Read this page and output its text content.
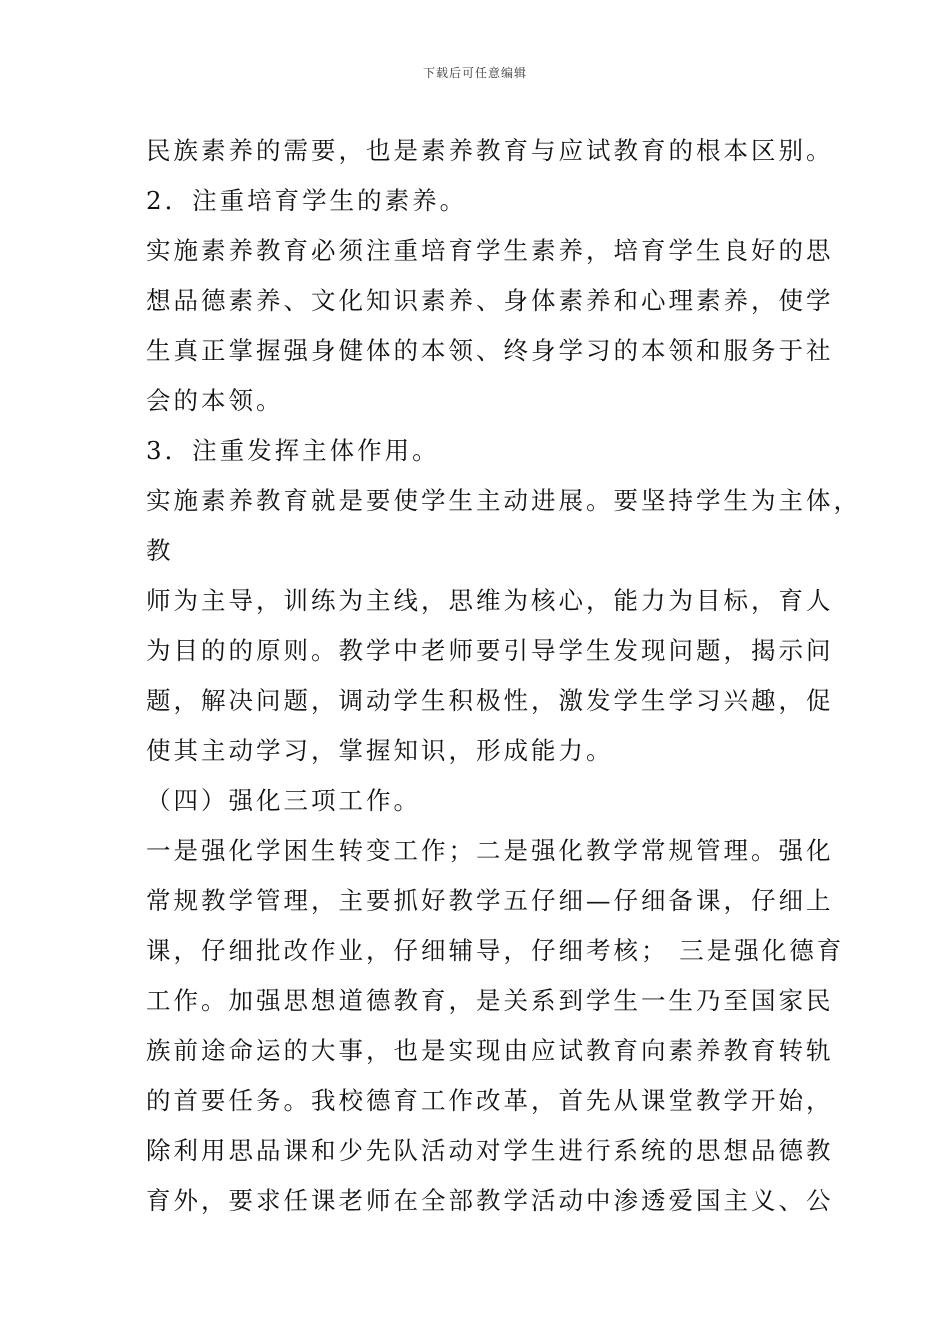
下载后可任意编辑
民族素养的需要，也是素养教育与应试教育的根本区别。
2．注重培育学生的素养。
实施素养教育必须注重培育学生素养，培育学生良好的思
想品德素养、文化知识素养、身体素养和心理素养，使学
生真正掌握强身健体的本领、终身学习的本领和服务于社
会的本领。
3．注重发挥主体作用。
实施素养教育就是要使学生主动进展。要坚持学生为主体，
教
师为主导，训练为主线，思维为核心，能力为目标，育人
为目的的原则。教学中老师要引导学生发现问题，揭示问
题，解决问题，调动学生积极性，激发学生学习兴趣，促
使其主动学习，掌握知识，形成能力。
（四）强化三项工作。
一是强化学困生转变工作；二是强化教学常规管理。强化
常规教学管理，主要抓好教学五仔细—仔细备课，仔细上
课，仔细批改作业，仔细辅导，仔细考核； 三是强化德育
工作。加强思想道德教育，是关系到学生一生乃至国家民
族前途命运的大事，也是实现由应试教育向素养教育转轨
的首要任务。我校德育工作改革，首先从课堂教学开始，
除利用思品课和少先队活动对学生进行系统的思想品德教
育外，要求任课老师在全部教学活动中渗透爱国主义、公
